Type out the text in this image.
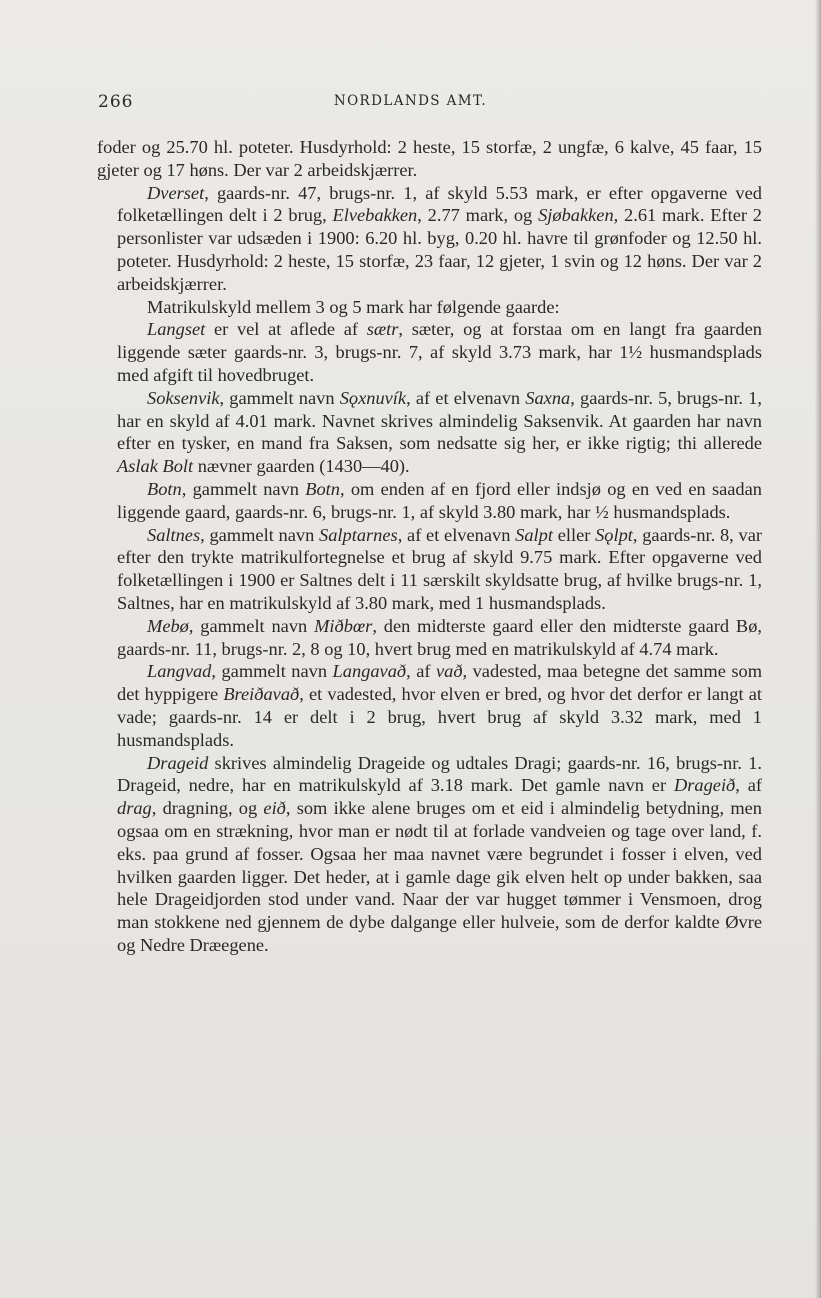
266	NORDLANDS AMT.

foder og 25.70 hl. poteter. Husdyrhold: 2 heste, 15 storfæ, 2 ungfæ, 6 kalve, 45 faar, 15 gjeter og 17 høns. Der var 2 arbeidskjærrer.

Dverset, gaards-nr. 47, brugs-nr. 1, af skyld 5.53 mark, er efter opgaverne ved folketællingen delt i 2 brug, Elvebakken, 2.77 mark, og Sjøbakken, 2.61 mark. Efter 2 personlister var udsæden i 1900: 6.20 hl. byg, 0.20 hl. havre til grønfoder og 12.50 hl. poteter. Husdyrhold: 2 heste, 15 storfæ, 23 faar, 12 gjeter, 1 svin og 12 høns. Der var 2 arbeidskjærrer.

Matrikulskyld mellem 3 og 5 mark har følgende gaarde:

Langset er vel at aflede af sætr, sæter, og at forstaa om en langt fra gaarden liggende sæter gaards-nr. 3, brugs-nr. 7, af skyld 3.73 mark, har 1½ husmandsplads med afgift til hovedbruget.

Soksenvik, gammelt navn Sǫxnuvík, af et elvenavn Saxna, gaards-nr. 5, brugs-nr. 1, har en skyld af 4.01 mark. Navnet skrives almindelig Saksenvik. At gaarden har navn efter en tysker, en mand fra Saksen, som nedsatte sig her, er ikke rigtig; thi allerede Aslak Bolt nævner gaarden (1430—40).

Botn, gammelt navn Botn, om enden af en fjord eller indsjø og en ved en saadan liggende gaard, gaards-nr. 6, brugs-nr. 1, af skyld 3.80 mark, har ½ husmandsplads.

Saltnes, gammelt navn Salptarnes, af et elvenavn Salpt eller Sǫlpt, gaards-nr. 8, var efter den trykte matrikulfortegnelse et brug af skyld 9.75 mark. Efter opgaverne ved folketællingen i 1900 er Saltnes delt i 11 særskilt skyldsatte brug, af hvilke brugs-nr. 1, Saltnes, har en matrikulskyld af 3.80 mark, med 1 husmandsplads.

Mebø, gammelt navn Miðbœr, den midterste gaard eller den midterste gaard Bø, gaards-nr. 11, brugs-nr. 2, 8 og 10, hvert brug med en matrikulskyld af 4.74 mark.

Langvad, gammelt navn Langavað, af vað, vadested, maa betegne det samme som det hyppigere Breiðavað, et vadested, hvor elven er bred, og hvor det derfor er langt at vade; gaards-nr. 14 er delt i 2 brug, hvert brug af skyld 3.32 mark, med 1 husmandsplads.

Drageid skrives almindelig Drageide og udtales Dragi; gaards-nr. 16, brugs-nr. 1. Drageid, nedre, har en matrikulskyld af 3.18 mark. Det gamle navn er Drageið, af drag, dragning, og eið, som ikke alene bruges om et eid i almindelig betydning, men ogsaa om en strækning, hvor man er nødt til at forlade vandveien og tage over land, f. eks. paa grund af fosser. Ogsaa her maa navnet være begrundet i fosser i elven, ved hvilken gaarden ligger. Det heder, at i gamle dage gik elven helt op under bakken, saa hele Drageidjorden stod under vand. Naar der var hugget tømmer i Vensmoen, drog man stokkene ned gjennem de dybe dalgange eller hulveie, som de derfor kaldte Øvre og Nedre Dræegene.
